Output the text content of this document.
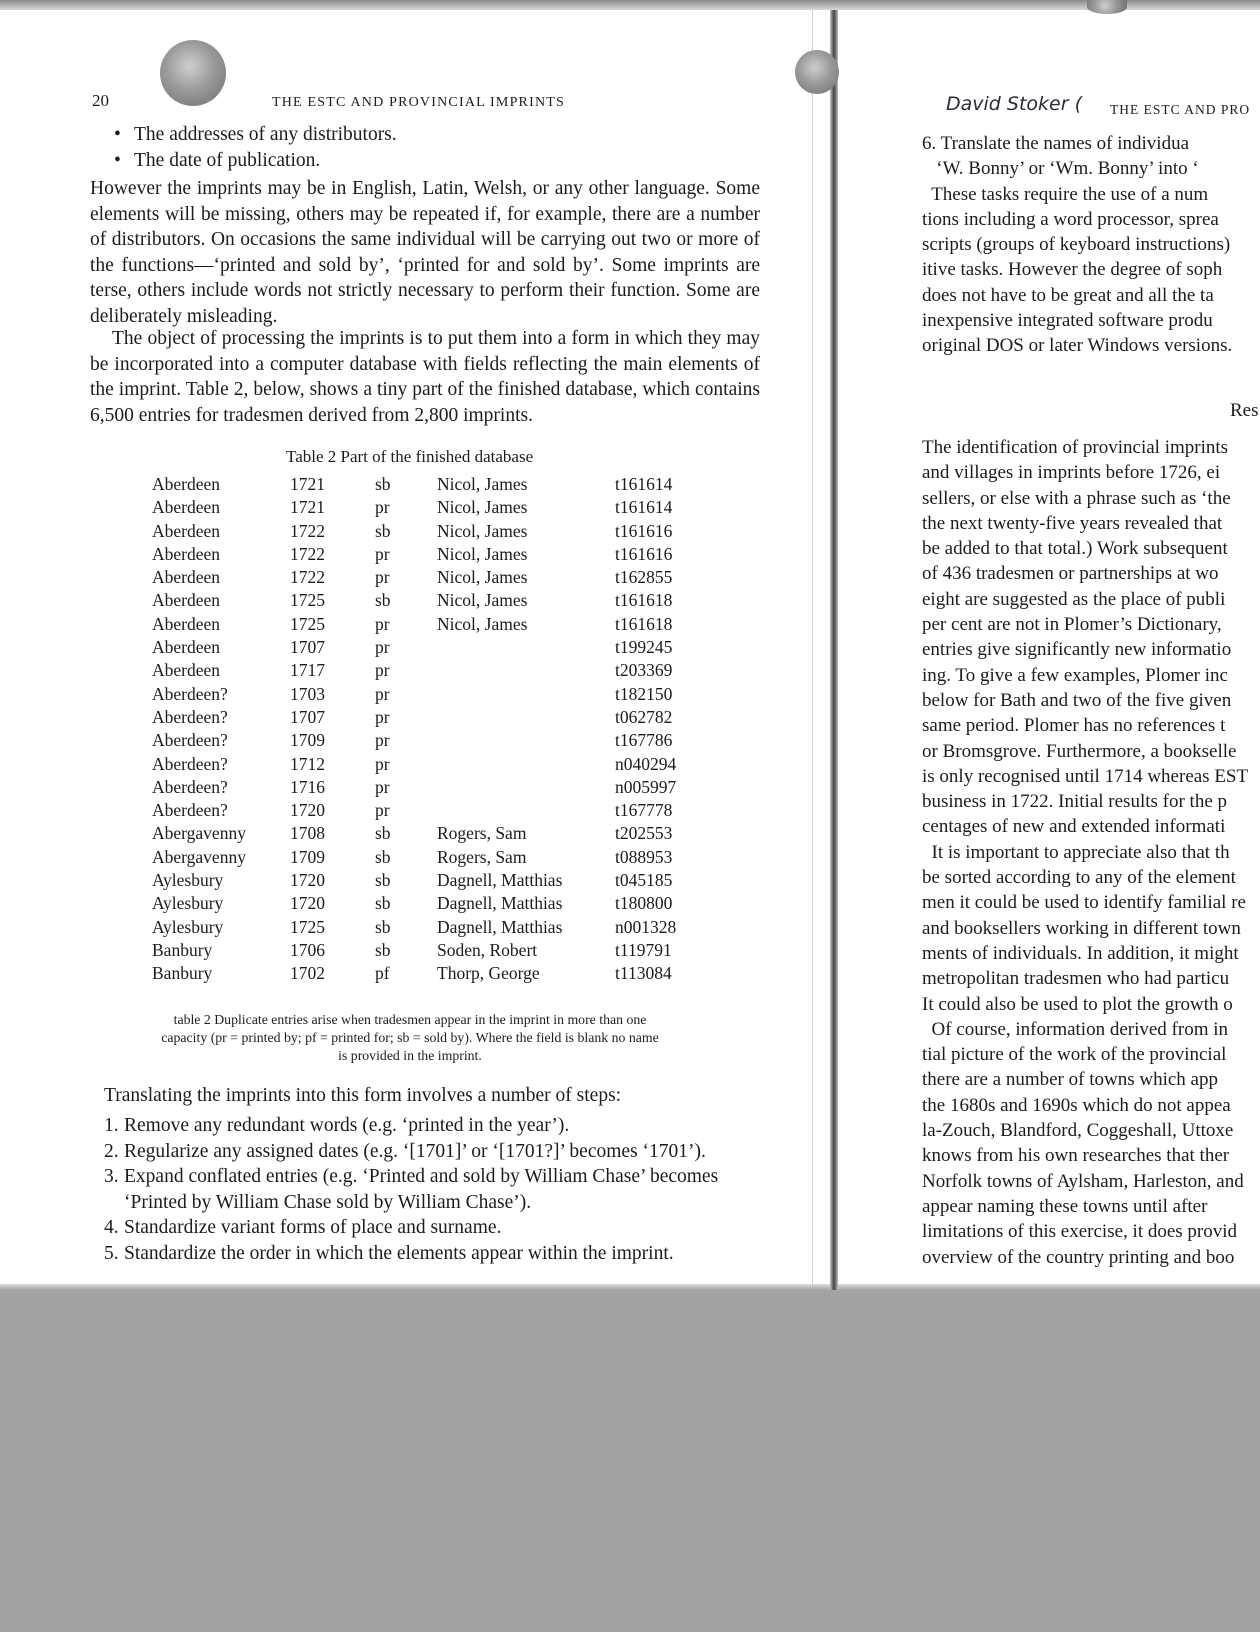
20	THE ESTC AND PROVINCIAL IMPRINTS
• The addresses of any distributors.
• The date of publication.
However the imprints may be in English, Latin, Welsh, or any other language. Some elements will be missing, others may be repeated if, for example, there are a number of distributors. On occasions the same individual will be carrying out two or more of the functions—‘printed and sold by’, ‘printed for and sold by’. Some imprints are terse, others include words not strictly necessary to perform their function. Some are deliberately misleading.
The object of processing the imprints is to put them into a form in which they may be incorporated into a computer database with fields reflecting the main elements of the imprint. Table 2, below, shows a tiny part of the finished database, which contains 6,500 entries for tradesmen derived from 2,800 imprints.
Table 2 Part of the finished database
Aberdeen	1721	sb	Nicol, James	t161614
Aberdeen	1721	pr	Nicol, James	t161614
Aberdeen	1722	sb	Nicol, James	t161616
Aberdeen	1722	pr	Nicol, James	t161616
Aberdeen	1722	pr	Nicol, James	t162855
Aberdeen	1725	sb	Nicol, James	t161618
Aberdeen	1725	pr	Nicol, James	t161618
Aberdeen	1707	pr		t199245
Aberdeen	1717	pr		t203369
Aberdeen?	1703	pr		t182150
Aberdeen?	1707	pr		t062782
Aberdeen?	1709	pr		t167786
Aberdeen?	1712	pr		n040294
Aberdeen?	1716	pr		n005997
Aberdeen?	1720	pr		t167778
Abergavenny	1708	sb	Rogers, Sam	t202553
Abergavenny	1709	sb	Rogers, Sam	t088953
Aylesbury	1720	sb	Dagnell, Matthias	t045185
Aylesbury	1720	sb	Dagnell, Matthias	t180800
Aylesbury	1725	sb	Dagnell, Matthias	n001328
Banbury	1706	sb	Soden, Robert	t119791
Banbury	1702	pf	Thorp, George	t113084
table 2 Duplicate entries arise when tradesmen appear in the imprint in more than one
capacity (pr = printed by; pf = printed for; sb = sold by). Where the field is blank no name
is provided in the imprint.
Translating the imprints into this form involves a number of steps:
1. Remove any redundant words (e.g. ‘printed in the year’).
2. Regularize any assigned dates (e.g. ‘[1701]’ or ‘[1701?]’ becomes ‘1701’).
3. Expand conflated entries (e.g. ‘Printed and sold by William Chase’ becomes ‘Printed by William Chase sold by William Chase’).
4. Standardize variant forms of place and surname.
5. Standardize the order in which the elements appear within the imprint.
David Stoker ( THE ESTC AND PRO
6. Translate the names of individua
‘W. Bonny’ or ‘Wm. Bonny’ into ‘
These tasks require the use of a num
tions including a word processor, sprea
scripts (groups of keyboard instructions)
itive tasks. However the degree of soph
does not have to be great and all the ta
inexpensive integrated software produ
original DOS or later Windows versions.
Res
The identification of provincial imprints
and villages in imprints before 1726, ei
sellers, or else with a phrase such as ‘the
the next twenty-five years revealed that
be added to that total.) Work subsequent
of 436 tradesmen or partnerships at wo
eight are suggested as the place of publi
per cent are not in Plomer’s Dictionary,
entries give significantly new informatio
ing. To give a few examples, Plomer inc
below for Bath and two of the five given
same period. Plomer has no references t
or Bromsgrove. Furthermore, a bookselle
is only recognised until 1714 whereas EST
business in 1722. Initial results for the p
centages of new and extended informati
It is important to appreciate also that th
be sorted according to any of the element
men it could be used to identify familial re
and booksellers working in different town
ments of individuals. In addition, it might
metropolitan tradesmen who had particu
It could also be used to plot the growth o
Of course, information derived from in
tial picture of the work of the provincial
there are a number of towns which app
the 1680s and 1690s which do not appea
la-Zouch, Blandford, Coggeshall, Uttoxe
knows from his own researches that ther
Norfolk towns of Aylsham, Harleston, and
appear naming these towns until after
limitations of this exercise, it does provid
overview of the country printing and boo
